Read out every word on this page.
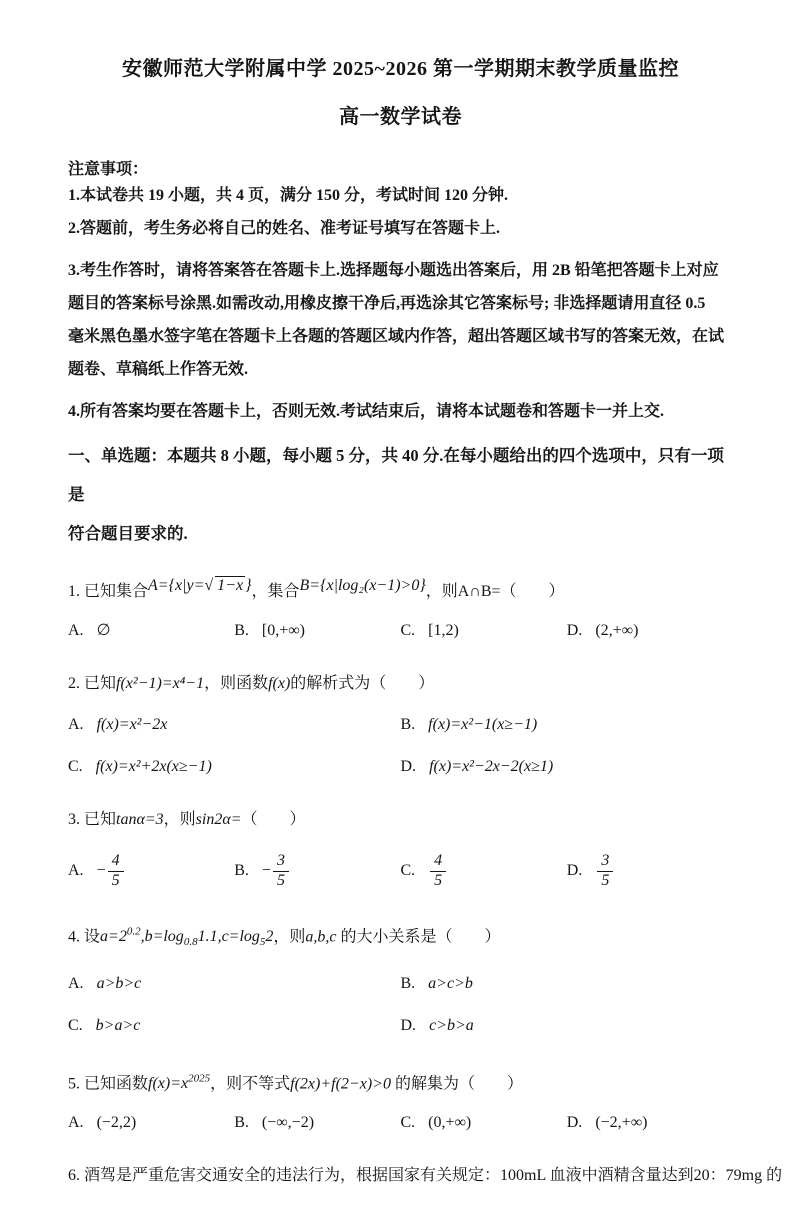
安徽师范大学附属中学 2025~2026 第一学期期末教学质量监控
高一数学试卷
注意事项：
1.本试卷共 19 小题，共 4 页，满分 150 分，考试时间 120 分钟.
2.答题前，考生务必将自己的姓名、准考证号填写在答题卡上.
3.考生作答时，请将答案答在答题卡上.选择题每小题选出答案后，用 2B 铅笔把答题卡上对应
题目的答案标号涂黑.如需改动,用橡皮擦干净后,再选涂其它答案标号; 非选择题请用直径 0.5
毫米黑色墨水签字笔在答题卡上各题的答题区域内作答，超出答题区域书写的答案无效，在试
题卷、草稿纸上作答无效.
4.所有答案均要在答题卡上，否则无效.考试结束后，请将本试题卷和答题卡一并上交.
一、单选题：本题共 8 小题，每小题 5 分，共 40 分.在每小题给出的四个选项中，只有一项是
符合题目要求的.
1. 已知集合A={x|y=√ 1−x }，集合B={x|log₂(x−1)>0}，则A∩B=（　　）
A. ∅	B. [0,+∞)	C. [1,2)	D. (2,+∞)
2. 已知f(x²−1)=x⁴−1，则函数f(x)的解析式为（　　）
A. f(x)=x²−2x	B. f(x)=x²−1(x≥−1)
C. f(x)=x²+2x(x≥−1)	D. f(x)=x²−2x−2(x≥1)
3. 已知tanα=3，则sin2α=（　　）
A. − $\frac{4}{5}$	B. − $\frac{3}{5}$	C. $\frac{4}{5}$	D. $\frac{3}{5}$
4. 设$a=2^{0.2},b=\log_{0.8}1.1,c=\log_52$，则a,b,c 的大小关系是（　　）
A. a>b>c	B. a>c>b
C. b>a>c	D. c>b>a
5. 已知函数$f(x)=x^{2025}$，则不等式f(2x)+f(2−x)>0 的解集为（　　）
A. (−2,2)	B. (−∞,−2)	C. (0,+∞)	D. (−2,+∞)
6. 酒驾是严重危害交通安全的违法行为，根据国家有关规定：100mL 血液中酒精含量达到20：79mg 的
